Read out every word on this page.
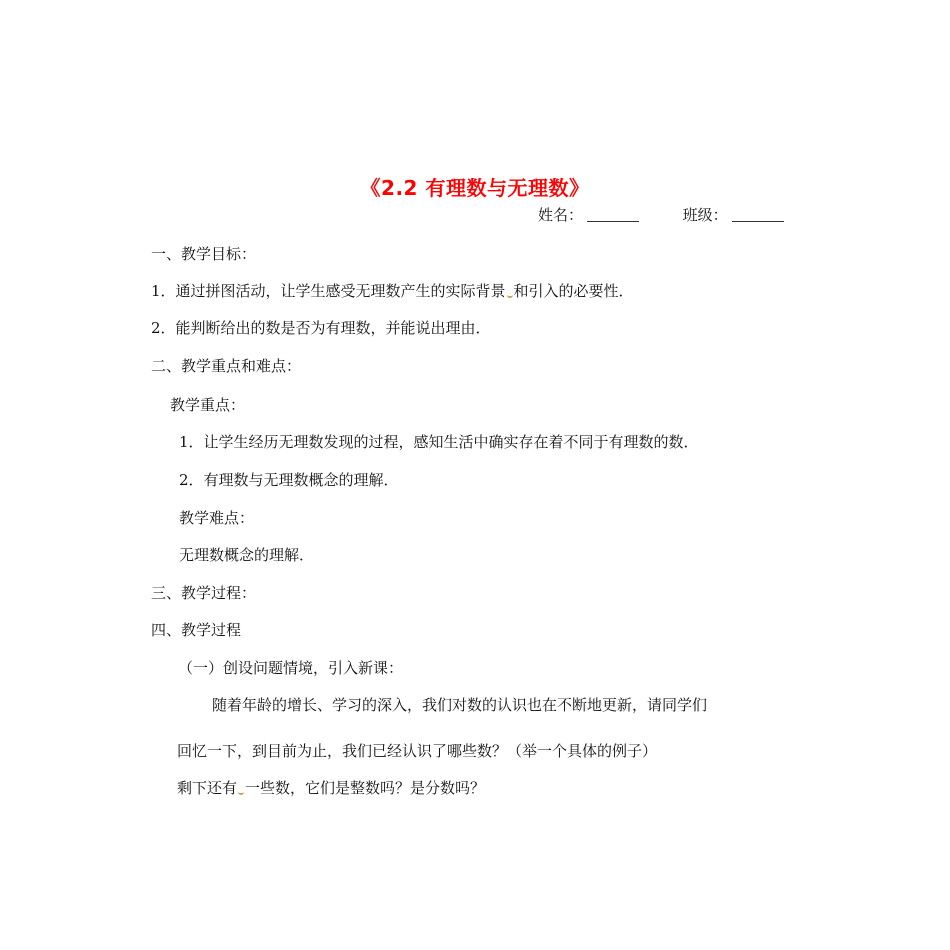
《2.2 有理数与无理数》
姓名：	班级：
一、教学目标：
1．通过拼图活动，让学生感受无理数产生的实际背景 和引入的必要性．
2．能判断给出的数是否为有理数，并能说出理由．
二、教学重点和难点：
教学重点：
1．让学生经历无理数发现的过程，感知生活中确实存在着不同于有理数的数．
2．有理数与无理数概念的理解．
教学难点：
无理数概念的理解．
三、教学过程：
四、教学过程
（一）创设问题情境，引入新课：
随着年龄的增长、学习的深入，我们对数的认识也在不断地更新，请同学们
回忆一下，到目前为止，我们已经认识了哪些数？（举一个具体的例子）
剩下还有 一些数，它们是整数吗？是分数吗？
